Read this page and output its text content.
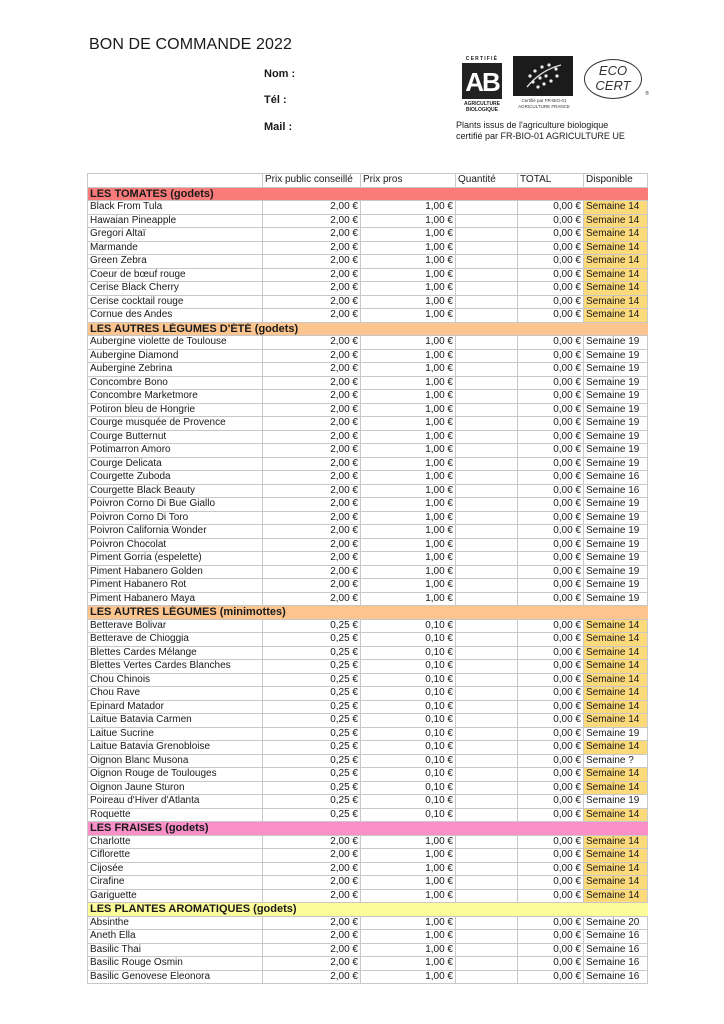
BON DE COMMANDE 2022
Nom :
Tél :
Mail :
CERTIFIÉ
AB
AGRICULTURE
BIOLOGIQUE
Certifié par FR-BIO-01
AGRICULTURE FRANCE
ECO
CERT
®
Plants issus de l'agriculture biologique
certifié par FR-BIO-01 AGRICULTURE UE
	Prix public conseillé	Prix pros	Quantité	TOTAL	Disponible
LES TOMATES (godets)					
Black From Tula	2,00 €	1,00 €		0,00 €	Semaine 14
Hawaian Pineapple	2,00 €	1,00 €		0,00 €	Semaine 14
Gregori Altaï	2,00 €	1,00 €		0,00 €	Semaine 14
Marmande	2,00 €	1,00 €		0,00 €	Semaine 14
Green Zebra	2,00 €	1,00 €		0,00 €	Semaine 14
Coeur de bœuf rouge	2,00 €	1,00 €		0,00 €	Semaine 14
Cerise Black Cherry	2,00 €	1,00 €		0,00 €	Semaine 14
Cerise cocktail rouge	2,00 €	1,00 €		0,00 €	Semaine 14
Cornue des Andes	2,00 €	1,00 €		0,00 €	Semaine 14
LES AUTRES LÉGUMES D'ÉTÉ (godets)					
Aubergine violette de Toulouse	2,00 €	1,00 €		0,00 €	Semaine 19
Aubergine Diamond	2,00 €	1,00 €		0,00 €	Semaine 19
Aubergine Zebrina	2,00 €	1,00 €		0,00 €	Semaine 19
Concombre Bono	2,00 €	1,00 €		0,00 €	Semaine 19
Concombre Marketmore	2,00 €	1,00 €		0,00 €	Semaine 19
Potiron bleu de Hongrie	2,00 €	1,00 €		0,00 €	Semaine 19
Courge musquée de Provence	2,00 €	1,00 €		0,00 €	Semaine 19
Courge Butternut	2,00 €	1,00 €		0,00 €	Semaine 19
Potimarron Amoro	2,00 €	1,00 €		0,00 €	Semaine 19
Courge Delicata	2,00 €	1,00 €		0,00 €	Semaine 19
Courgette Zuboda	2,00 €	1,00 €		0,00 €	Semaine 16
Courgette Black Beauty	2,00 €	1,00 €		0,00 €	Semaine 16
Poivron Corno Di Bue Giallo	2,00 €	1,00 €		0,00 €	Semaine 19
Poivron Corno Di Toro	2,00 €	1,00 €		0,00 €	Semaine 19
Poivron California Wonder	2,00 €	1,00 €		0,00 €	Semaine 19
Poivron Chocolat	2,00 €	1,00 €		0,00 €	Semaine 19
Piment Gorria (espelette)	2,00 €	1,00 €		0,00 €	Semaine 19
Piment Habanero Golden	2,00 €	1,00 €		0,00 €	Semaine 19
Piment Habanero Rot	2,00 €	1,00 €		0,00 €	Semaine 19
Piment Habanero Maya	2,00 €	1,00 €		0,00 €	Semaine 19
LES AUTRES LÉGUMES (minimottes)					
Betterave Bolivar	0,25 €	0,10 €		0,00 €	Semaine 14
Betterave de Chioggia	0,25 €	0,10 €		0,00 €	Semaine 14
Blettes Cardes Mélange	0,25 €	0,10 €		0,00 €	Semaine 14
Blettes Vertes Cardes Blanches	0,25 €	0,10 €		0,00 €	Semaine 14
Chou Chinois	0,25 €	0,10 €		0,00 €	Semaine 14
Chou Rave	0,25 €	0,10 €		0,00 €	Semaine 14
Epinard Matador	0,25 €	0,10 €		0,00 €	Semaine 14
Laitue Batavia Carmen	0,25 €	0,10 €		0,00 €	Semaine 14
Laitue Sucrine	0,25 €	0,10 €		0,00 €	Semaine 19
Laitue Batavia Grenobloise	0,25 €	0,10 €		0,00 €	Semaine 14
Oignon Blanc Musona	0,25 €	0,10 €		0,00 €	Semaine ?
Oignon Rouge de Toulouges	0,25 €	0,10 €		0,00 €	Semaine 14
Oignon Jaune Sturon	0,25 €	0,10 €		0,00 €	Semaine 14
Poireau d'Hiver d'Atlanta	0,25 €	0,10 €		0,00 €	Semaine 19
Roquette	0,25 €	0,10 €		0,00 €	Semaine 14
LES FRAISES (godets)					
Charlotte	2,00 €	1,00 €		0,00 €	Semaine 14
Ciflorette	2,00 €	1,00 €		0,00 €	Semaine 14
Cijosée	2,00 €	1,00 €		0,00 €	Semaine 14
Cirafine	2,00 €	1,00 €		0,00 €	Semaine 14
Gariguette	2,00 €	1,00 €		0,00 €	Semaine 14
LES PLANTES AROMATIQUES (godets)					
Absinthe	2,00 €	1,00 €		0,00 €	Semaine 20
Aneth Ella	2,00 €	1,00 €		0,00 €	Semaine 16
Basilic Thai	2,00 €	1,00 €		0,00 €	Semaine 16
Basilic Rouge Osmin	2,00 €	1,00 €		0,00 €	Semaine 16
Basilic Genovese Eleonora	2,00 €	1,00 €		0,00 €	Semaine 16
